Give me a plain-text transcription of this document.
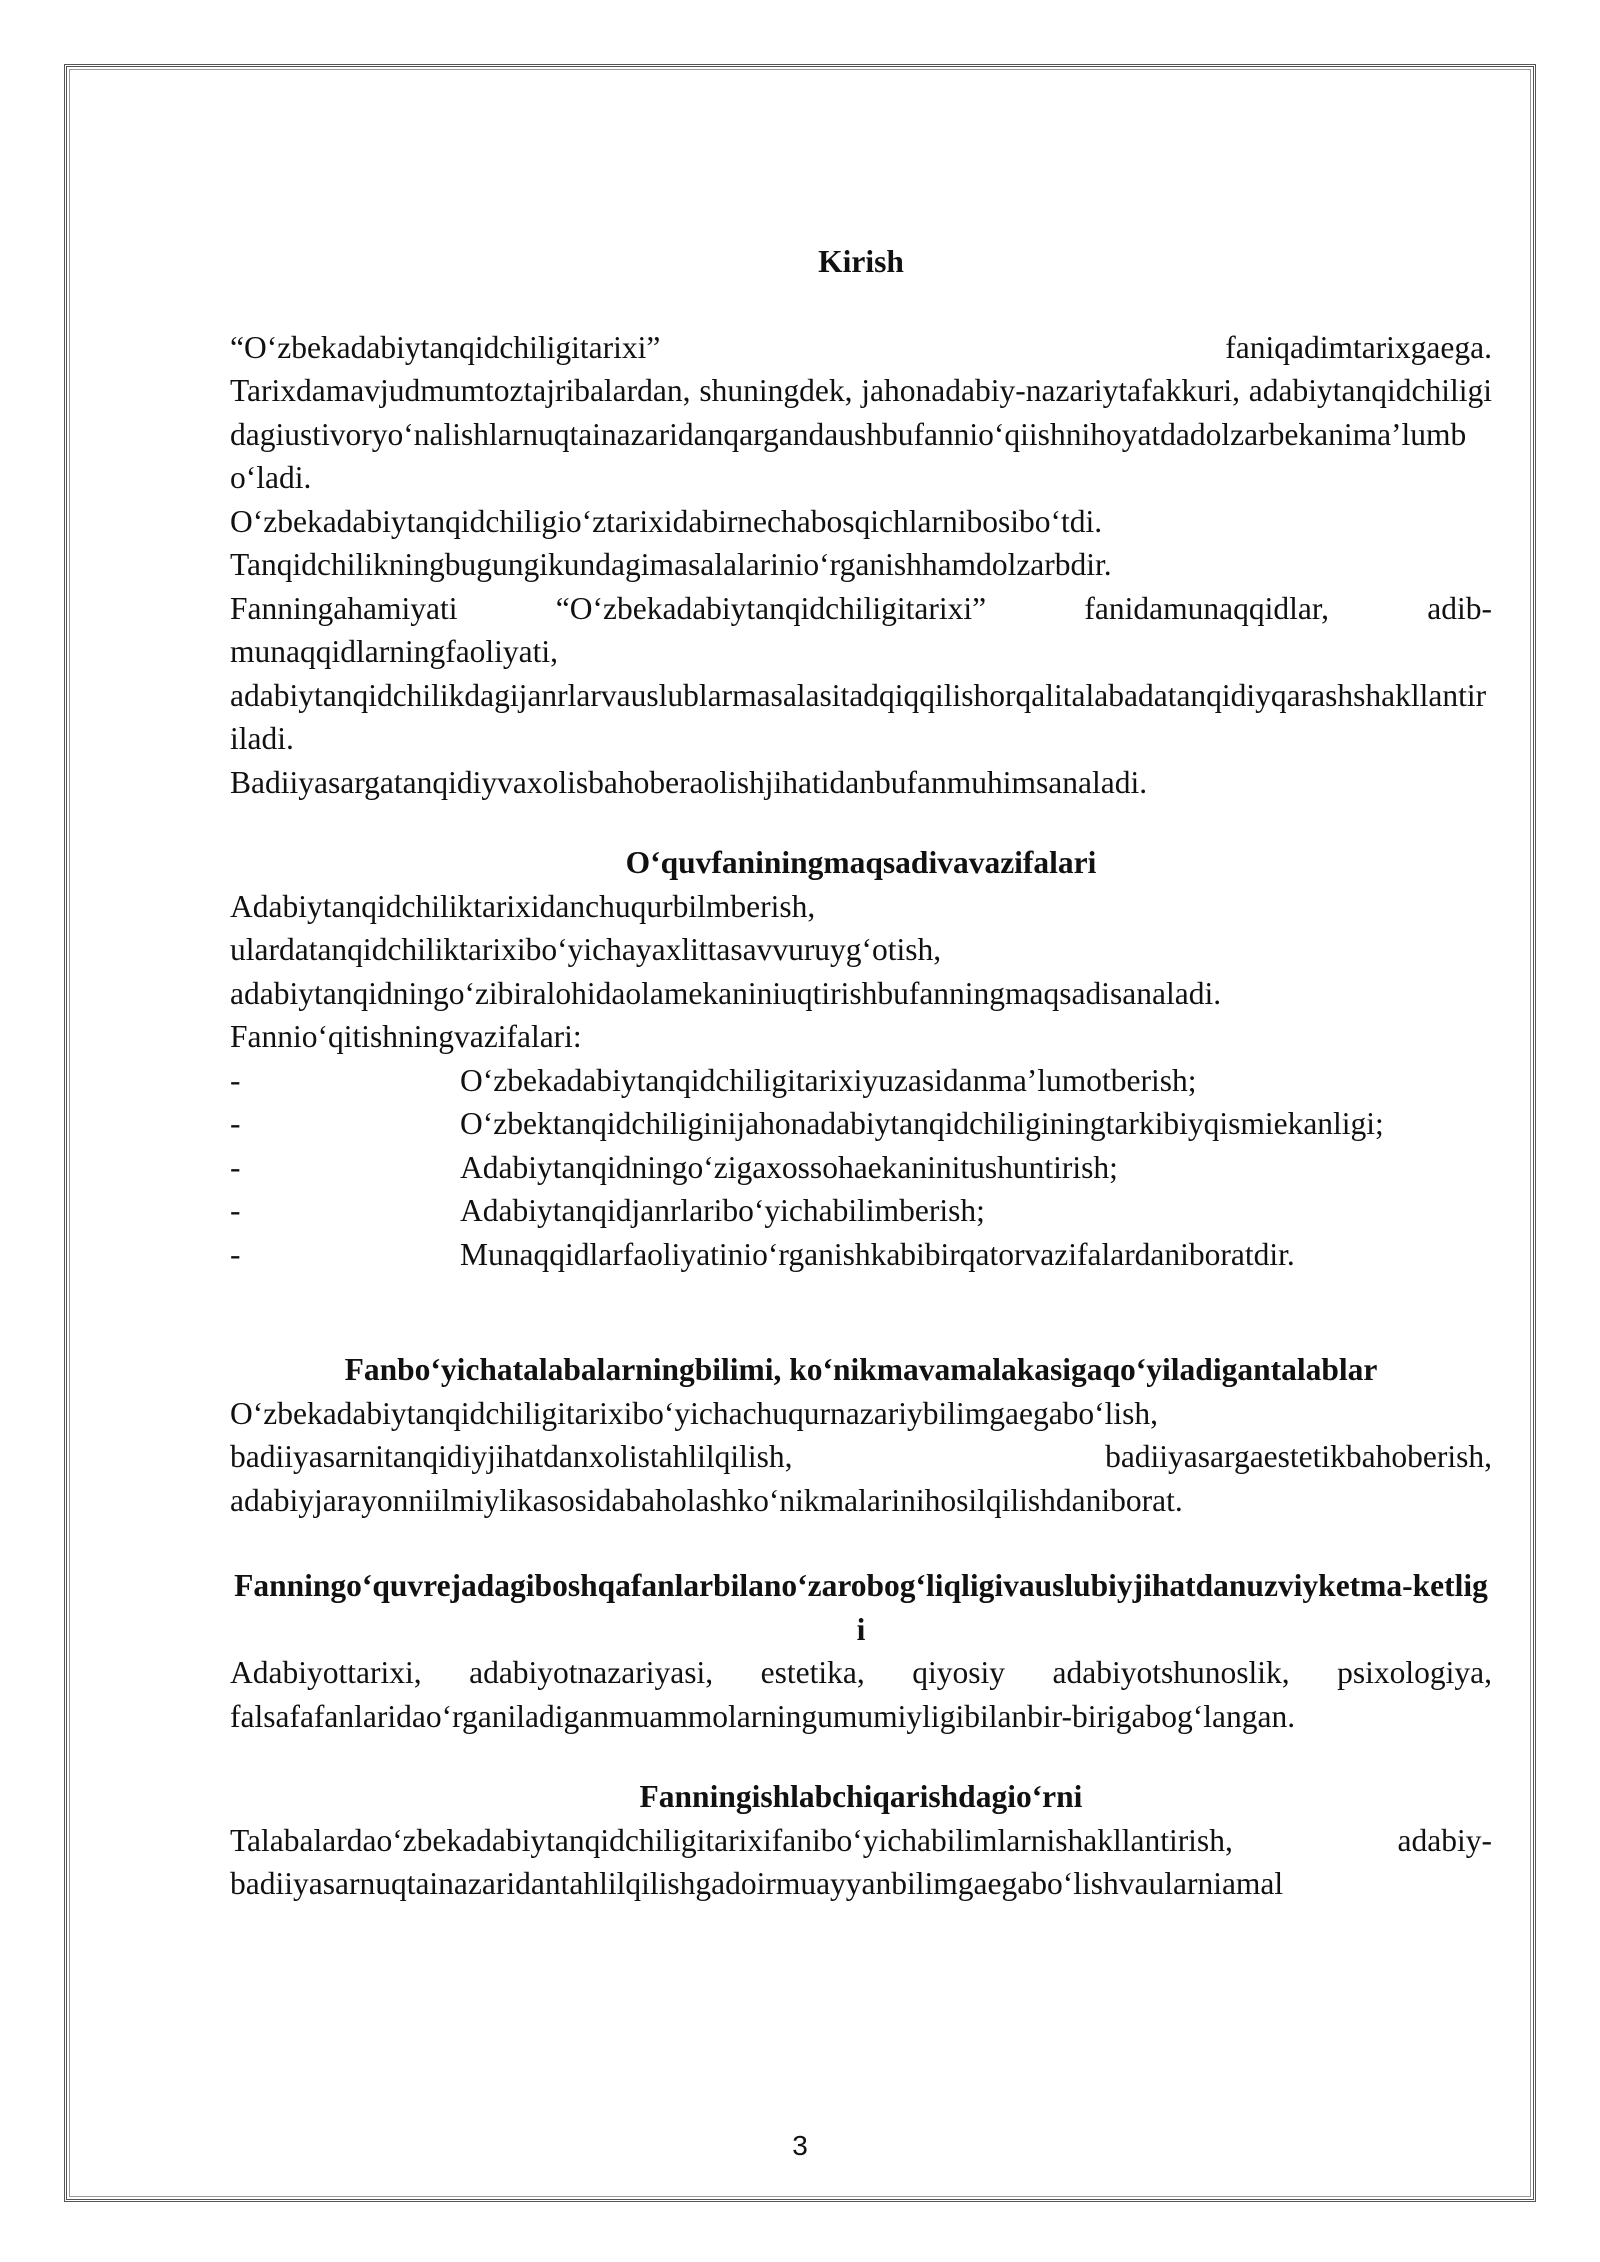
Kirish
“O‘zbekadabiytanqidchiligitarixi”	faniqadimtarixgaega.
Tarixdamavjudmumtoztajribalardan, shuningdek, jahonadabiy-nazariytafakkuri, adabiytanqidchiligidagiustivoryo‘nalishlarnuqtainazaridanqargandaushbufannio‘qiishnihoyatdadolzarbekanima’lumbo‘ladi.
O‘zbekadabiytanqidchiligio‘ztarixidabirnechabosqichlarnibosibo‘tdi.
Tanqidchilikningbugungikundagimasalalarinio‘rganishhamdolzarbdir.
Fanningahamiyati “O‘zbekadabiytanqidchiligitarixi” fanidamunaqqidlar, adib-munaqqidlarningfaoliyati,
adabiytanqidchilikdagijanrlarvauslublarmasalasitadqiqqilishorqalitalabadatanqidiyqarashshakllantiriladi.
Badiiyasargatanqidiyvaxolisbahoberaolishjihatidanbufanmuhimsanaladi.
O‘quvfaniningmaqsadivavazifalari
Adabiytanqidchiliktarixidanchuqurbilmberish,
ulardatanqidchiliktarixibo‘yichayaxlittasavvuruyg‘otish,
adabiytanqidningo‘zibiralohidaolamekaniniuqtirishbufanningmaqsadisanaladi.
Fannio‘qitishningvazifalari:
-	O‘zbekadabiytanqidchiligitarixiyuzasidanma’lumotberish;
-	O‘zbektanqidchiliginijahonadabiytanqidchiliginingtarkibiyqismiekanligi;
-	Adabiytanqidningo‘zigaxossohaekaninitushuntirish;
-	Adabiytanqidjanrlaribo‘yichabilimberish;
-	Munaqqidlarfaoliyatinio‘rganishkabibirqatorvazifalardaniboratdir.
Fanbo‘yichatalabalarningbilimi, ko‘nikmavamalakasigaqo‘yiladigantalablar
O‘zbekadabiytanqidchiligitarixibo‘yichachuqurnazariybilimgaegabo‘lish, badiiyasarnitanqidiyjihatdanxolistahlilqilish, badiiyasargaestetikbahoberish, adabiyjarayonniilmiylikasosidabaholashko‘nikmalarinihosilqilishdaniborat.
Fanningo‘quvrejadagiboshqafanlarbilano‘zarobog‘liqligivauslubiyjihatdanuzviyketma-ketligi
Adabiyottarixi, adabiyotnazariyasi, estetika, qiyosiy adabiyotshunoslik, psixologiya, falsafafanlaridao‘rganiladiganmuammolarningumumiyligibilanbir-birigabog‘langan.
Fanningishlabchiqarishdagio‘rni
Talabalardao‘zbekadabiytanqidchiligitarixifanibo‘yichabilimlarnishakllantirish, adabiy-badiiyasarnuqtainazaridantahlilqilishgadoirmuayyanbilimgaegabo‘lishvaularniamal
3
